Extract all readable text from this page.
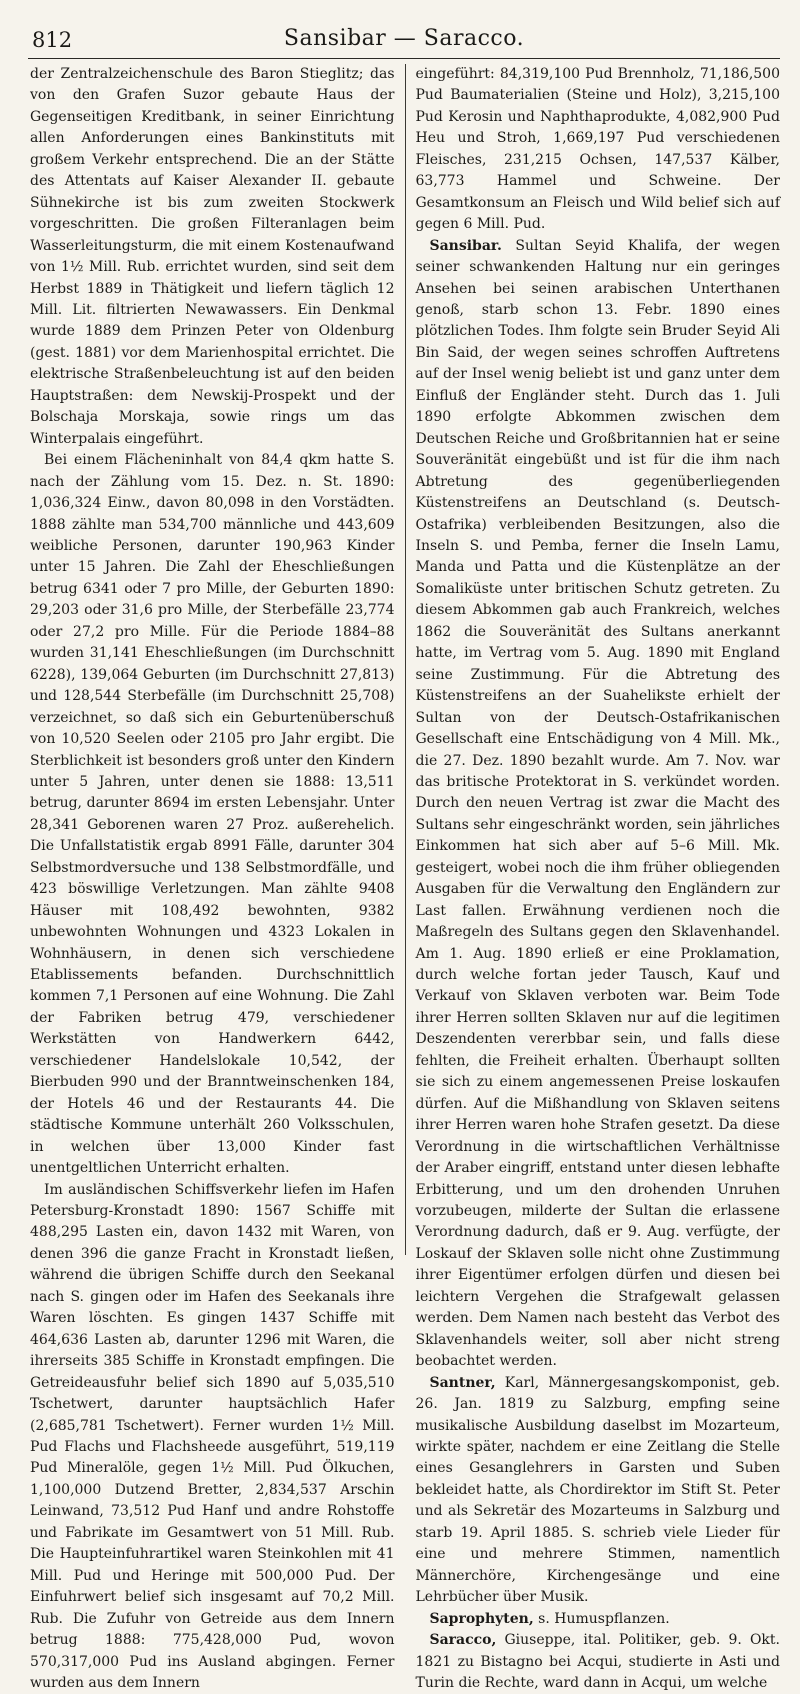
812	Sansibar — Saracco.

der Zentralzeichenschule des Baron Stieglitz; das von den Grafen Suzor gebaute Haus der Gegenseitigen Kreditbank, in seiner Einrichtung allen Anforderungen eines Bankinstituts mit großem Verkehr entsprechend. Die an der Stätte des Attentats auf Kaiser Alexander II. gebaute Sühnekirche ist bis zum zweiten Stockwerk vorgeschritten. Die großen Filteranlagen beim Wasserleitungsturm, die mit einem Kostenaufwand von 1½ Mill. Rub. errichtet wurden, sind seit dem Herbst 1889 in Thätigkeit und liefern täglich 12 Mill. Lit. filtrierten Newawassers. Ein Denkmal wurde 1889 dem Prinzen Peter von Oldenburg (gest. 1881) vor dem Marienhospital errichtet. Die elektrische Straßenbeleuchtung ist auf den beiden Hauptstraßen: dem Newskij-Prospekt und der Bolschaja Morskaja, sowie rings um das Winterpalais eingeführt.

Bei einem Flächeninhalt von 84,4 qkm hatte S. nach der Zählung vom 15. Dez. n. St. 1890: 1,036,324 Einw., davon 80,098 in den Vorstädten. 1888 zählte man 534,700 männliche und 443,609 weibliche Personen, darunter 190,963 Kinder unter 15 Jahren. Die Zahl der Eheschließungen betrug 6341 oder 7 pro Mille, der Geburten 1890: 29,203 oder 31,6 pro Mille, der Sterbefälle 23,774 oder 27,2 pro Mille. Für die Periode 1884–88 wurden 31,141 Eheschließungen (im Durchschnitt 6228), 139,064 Geburten (im Durchschnitt 27,813) und 128,544 Sterbefälle (im Durchschnitt 25,708) verzeichnet, so daß sich ein Geburtenüberschuß von 10,520 Seelen oder 2105 pro Jahr ergibt. Die Sterblichkeit ist besonders groß unter den Kindern unter 5 Jahren, unter denen sie 1888: 13,511 betrug, darunter 8694 im ersten Lebensjahr. Unter 28,341 Geborenen waren 27 Proz. außerehelich. Die Unfallstatistik ergab 8991 Fälle, darunter 304 Selbstmordversuche und 138 Selbstmordfälle, und 423 böswillige Verletzungen. Man zählte 9408 Häuser mit 108,492 bewohnten, 9382 unbewohnten Wohnungen und 4323 Lokalen in Wohnhäusern, in denen sich verschiedene Etablissements befanden. Durchschnittlich kommen 7,1 Personen auf eine Wohnung. Die Zahl der Fabriken betrug 479, verschiedener Werkstätten von Handwerkern 6442, verschiedener Handelslokale 10,542, der Bierbuden 990 und der Branntweinschenken 184, der Hotels 46 und der Restaurants 44. Die städtische Kommune unterhält 260 Volksschulen, in welchen über 13,000 Kinder fast unentgeltlichen Unterricht erhalten.

Im ausländischen Schiffsverkehr liefen im Hafen Petersburg-Kronstadt 1890: 1567 Schiffe mit 488,295 Lasten ein, davon 1432 mit Waren, von denen 396 die ganze Fracht in Kronstadt ließen, während die übrigen Schiffe durch den Seekanal nach S. gingen oder im Hafen des Seekanals ihre Waren löschten. Es gingen 1437 Schiffe mit 464,636 Lasten ab, darunter 1296 mit Waren, die ihrerseits 385 Schiffe in Kronstadt empfingen. Die Getreideausfuhr belief sich 1890 auf 5,035,510 Tschetwert, darunter hauptsächlich Hafer (2,685,781 Tschetwert). Ferner wurden 1½ Mill. Pud Flachs und Flachsheede ausgeführt, 519,119 Pud Mineralöle, gegen 1½ Mill. Pud Ölkuchen, 1,100,000 Dutzend Bretter, 2,834,537 Arschin Leinwand, 73,512 Pud Hanf und andre Rohstoffe und Fabrikate im Gesamtwert von 51 Mill. Rub. Die Haupteinfuhrartikel waren Steinkohlen mit 41 Mill. Pud und Heringe mit 500,000 Pud. Der Einfuhrwert belief sich insgesamt auf 70,2 Mill. Rub. Die Zufuhr von Getreide aus dem Innern betrug 1888: 775,428,000 Pud, wovon 570,317,000 Pud ins Ausland abgingen. Ferner wurden aus dem Innern

eingeführt: 84,319,100 Pud Brennholz, 71,186,500 Pud Baumaterialien (Steine und Holz), 3,215,100 Pud Kerosin und Naphthaprodukte, 4,082,900 Pud Heu und Stroh, 1,669,197 Pud verschiedenen Fleisches, 231,215 Ochsen, 147,537 Kälber, 63,773 Hammel und Schweine. Der Gesamtkonsum an Fleisch und Wild belief sich auf gegen 6 Mill. Pud.

Sansibar. Sultan Seyid Khalifa, der wegen seiner schwankenden Haltung nur ein geringes Ansehen bei seinen arabischen Unterthanen genoß, starb schon 13. Febr. 1890 eines plötzlichen Todes. Ihm folgte sein Bruder Seyid Ali Bin Said, der wegen seines schroffen Auftretens auf der Insel wenig beliebt ist und ganz unter dem Einfluß der Engländer steht. Durch das 1. Juli 1890 erfolgte Abkommen zwischen dem Deutschen Reiche und Großbritannien hat er seine Souveränität eingebüßt und ist für die ihm nach Abtretung des gegenüberliegenden Küstenstreifens an Deutschland (s. Deutsch-Ostafrika) verbleibenden Besitzungen, also die Inseln S. und Pemba, ferner die Inseln Lamu, Manda und Patta und die Küstenplätze an der Somaliküste unter britischen Schutz getreten. Zu diesem Abkommen gab auch Frankreich, welches 1862 die Souveränität des Sultans anerkannt hatte, im Vertrag vom 5. Aug. 1890 mit England seine Zustimmung. Für die Abtretung des Küstenstreifens an der Suahelikste erhielt der Sultan von der Deutsch-Ostafrikanischen Gesellschaft eine Entschädigung von 4 Mill. Mk., die 27. Dez. 1890 bezahlt wurde. Am 7. Nov. war das britische Protektorat in S. verkündet worden. Durch den neuen Vertrag ist zwar die Macht des Sultans sehr eingeschränkt worden, sein jährliches Einkommen hat sich aber auf 5–6 Mill. Mk. gesteigert, wobei noch die ihm früher obliegenden Ausgaben für die Verwaltung den Engländern zur Last fallen. Erwähnung verdienen noch die Maßregeln des Sultans gegen den Sklavenhandel. Am 1. Aug. 1890 erließ er eine Proklamation, durch welche fortan jeder Tausch, Kauf und Verkauf von Sklaven verboten war. Beim Tode ihrer Herren sollten Sklaven nur auf die legitimen Deszendenten vererbbar sein, und falls diese fehlten, die Freiheit erhalten. Überhaupt sollten sie sich zu einem angemessenen Preise loskaufen dürfen. Auf die Mißhandlung von Sklaven seitens ihrer Herren waren hohe Strafen gesetzt. Da diese Verordnung in die wirtschaftlichen Verhältnisse der Araber eingriff, entstand unter diesen lebhafte Erbitterung, und um den drohenden Unruhen vorzubeugen, milderte der Sultan die erlassene Verordnung dadurch, daß er 9. Aug. verfügte, der Loskauf der Sklaven solle nicht ohne Zustimmung ihrer Eigentümer erfolgen dürfen und diesen bei leichtern Vergehen die Strafgewalt gelassen werden. Dem Namen nach besteht das Verbot des Sklavenhandels weiter, soll aber nicht streng beobachtet werden.

Santner, Karl, Männergesangskomponist, geb. 26. Jan. 1819 zu Salzburg, empfing seine musikalische Ausbildung daselbst im Mozarteum, wirkte später, nachdem er eine Zeitlang die Stelle eines Gesanglehrers in Garsten und Suben bekleidet hatte, als Chordirektor im Stift St. Peter und als Sekretär des Mozarteums in Salzburg und starb 19. April 1885. S. schrieb viele Lieder für eine und mehrere Stimmen, namentlich Männerchöre, Kirchengesänge und eine Lehrbücher über Musik.

Saprophyten, s. Humuspflanzen.

Saracco, Giuseppe, ital. Politiker, geb. 9. Okt. 1821 zu Bistagno bei Acqui, studierte in Asti und Turin die Rechte, ward dann in Acqui, um welche
